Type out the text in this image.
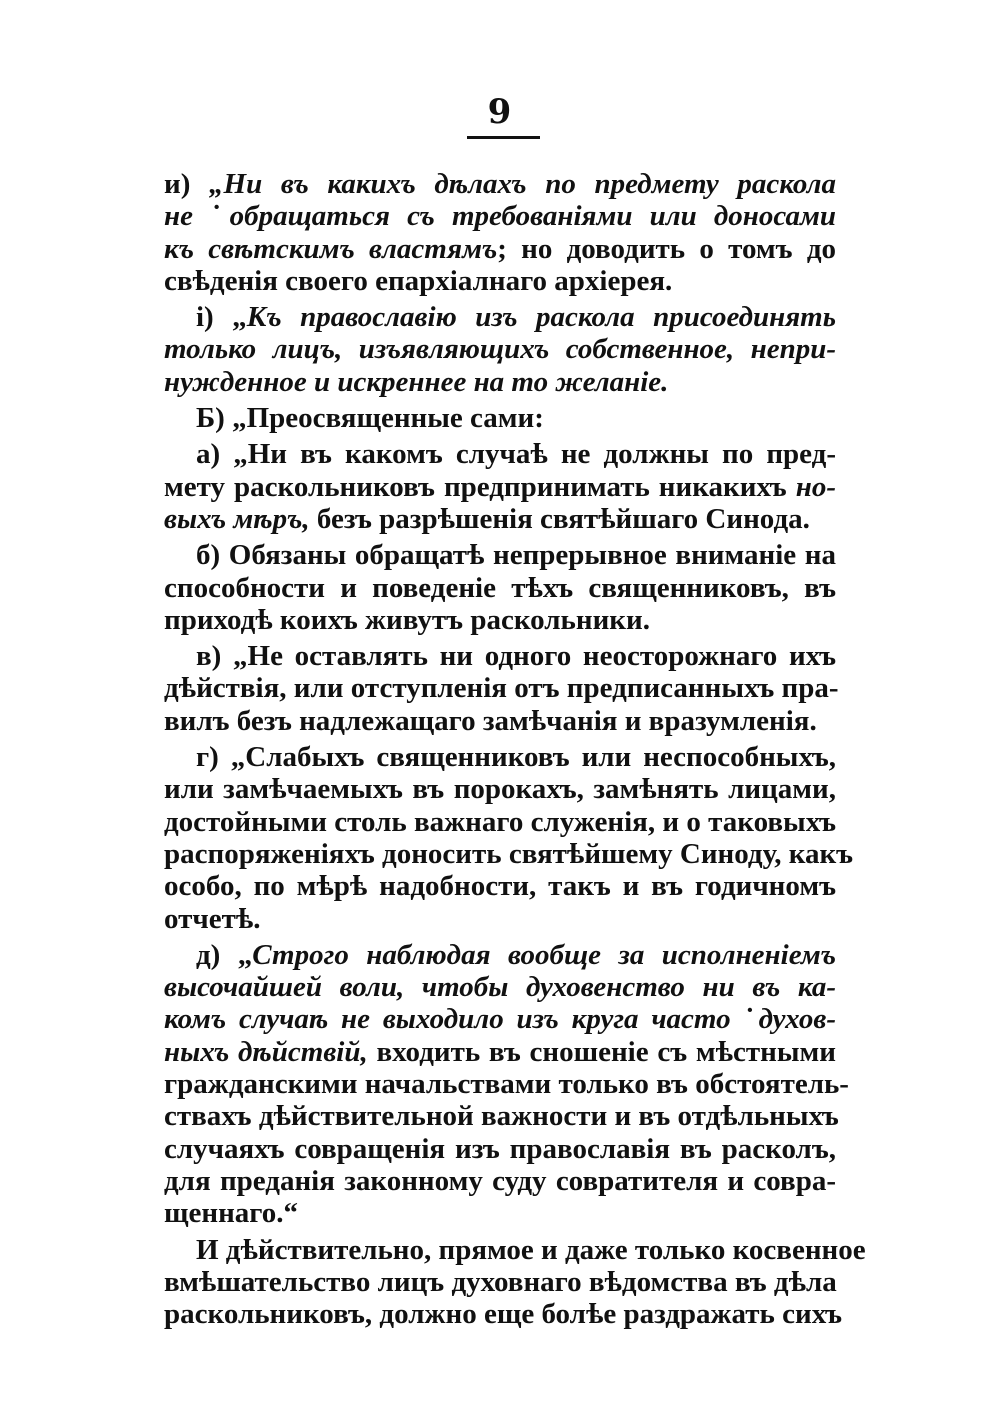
9
и) „Ни въ какихъ дѣлахъ по предмету раскола
не ˙обращаться съ требованіями или доносами
къ свѣтскимъ властямъ; но доводить о томъ до
свѣденія своего епархіалнаго архіерея.
і) „Къ православію изъ раскола присоединять
только лицъ, изъявляющихъ собственное, непри-
нужденное и искреннее на то желаніе.
Б) „Преосвященные сами:
а) „Ни въ какомъ случаѣ не должны по пред-
мету раскольниковъ предпринимать никакихъ но-
выхъ мѣръ, безъ разрѣшенія святѣйшаго Синода.
б) Обязаны обращатѣ непрерывное вниманіе на
способности и поведеніе тѣхъ священниковъ, въ
приходѣ коихъ живутъ раскольники.
в) „Не оставлять ни одного неосторожнаго ихъ
дѣйствія, или отступленія отъ предписанныхъ пра-
вилъ безъ надлежащаго замѣчанія и вразумленія.
г) „Слабыхъ священниковъ или неспособныхъ,
или замѣчаемыхъ въ порокахъ, замѣнять лицами,
достойными столь важнаго служенія, и о таковыхъ
распоряженіяхъ доносить святѣйшему Синоду, какъ
особо, по мѣрѣ надобности, такъ и въ годичномъ
отчетѣ.
д) „Строго наблюдая вообще за исполненіемъ
высочайшей воли, чтобы духовенство ни въ ка-
комъ случаѣ не выходило изъ круга часто ˙духов-
ныхъ дѣйствій, входить въ сношеніе съ мѣстными
гражданскими начальствами только въ обстоятель-
ствахъ дѣйствительной важности и въ отдѣльныхъ
случаяхъ совращенія изъ православія въ расколъ,
для преданія законному суду совратителя и совра-
щеннаго.“
И дѣйствительно, прямое и даже только косвенное
вмѣшательство лицъ духовнаго вѣдомства въ дѣла
раскольниковъ, должно еще болѣе раздражать сихъ
